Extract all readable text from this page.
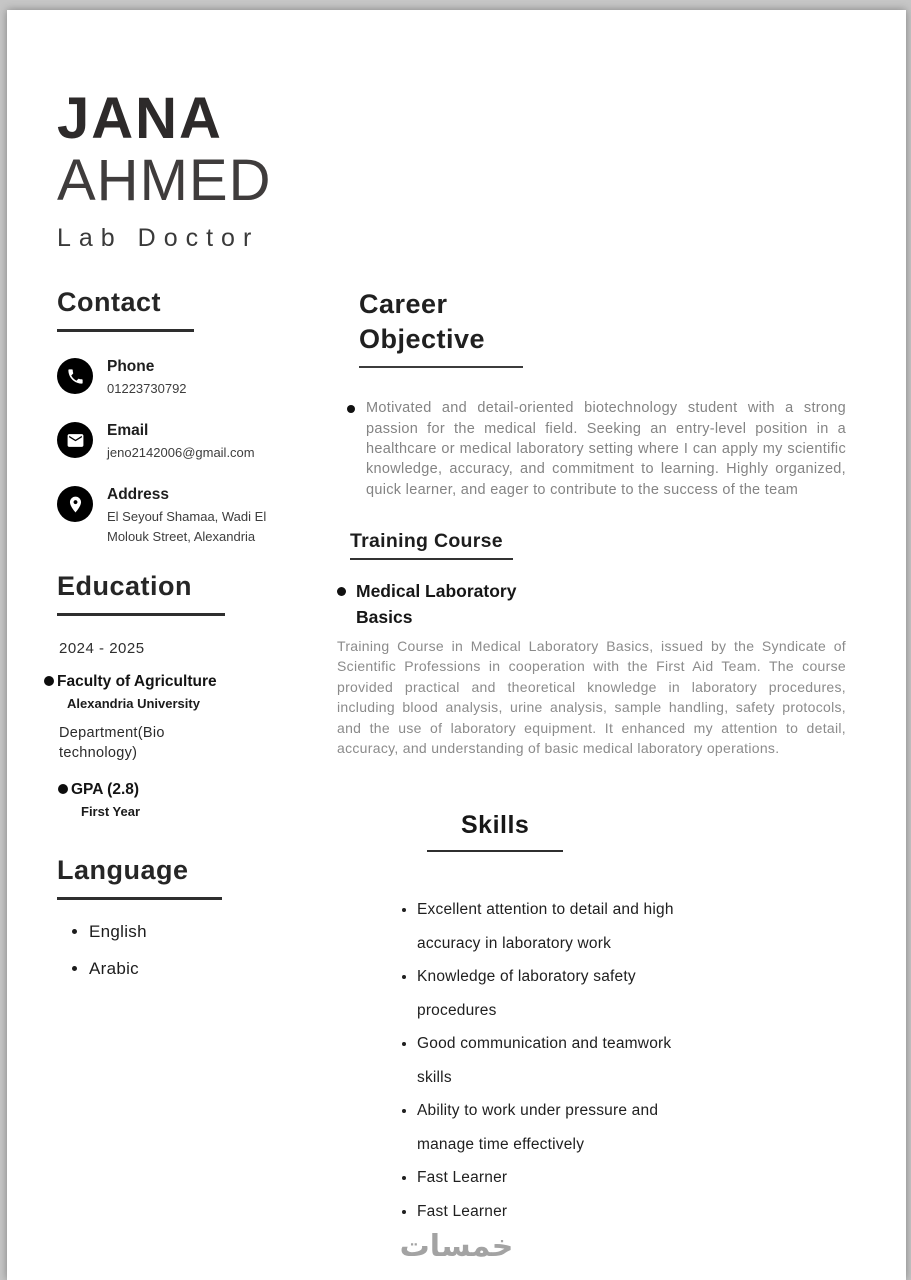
JANA
AHMED
Lab Doctor
Contact
Phone
01223730792
Email
jeno2142006@gmail.com
Address
El Seyouf Shamaa, Wadi El Molouk Street, Alexandria
Education
2024 - 2025
Faculty of Agriculture
Alexandria University
Department(Bio technology)
GPA (2.8)
First Year
Language
• English
• Arabic
Career
Objective

Motivated and detail-oriented biotechnology student with a strong passion for the medical field. Seeking an entry-level position in a healthcare or medical laboratory setting where I can apply my scientific knowledge, accuracy, and commitment to learning. Highly organized, quick learner, and eager to contribute to the success of the team

Training Course
Medical Laboratory Basics

Training Course in Medical Laboratory Basics, issued by the Syndicate of Scientific Professions in cooperation with the First Aid Team. The course provided practical and theoretical knowledge in laboratory procedures, including blood analysis, urine analysis, sample handling, safety protocols, and the use of laboratory equipment. It enhanced my attention to detail, accuracy, and understanding of basic medical laboratory operations.

Skills
• Excellent attention to detail and high accuracy in laboratory work
• Knowledge of laboratory safety procedures
• Good communication and teamwork skills
• Ability to work under pressure and manage time effectively
• Fast Learner
• Fast Learner
خمسات
